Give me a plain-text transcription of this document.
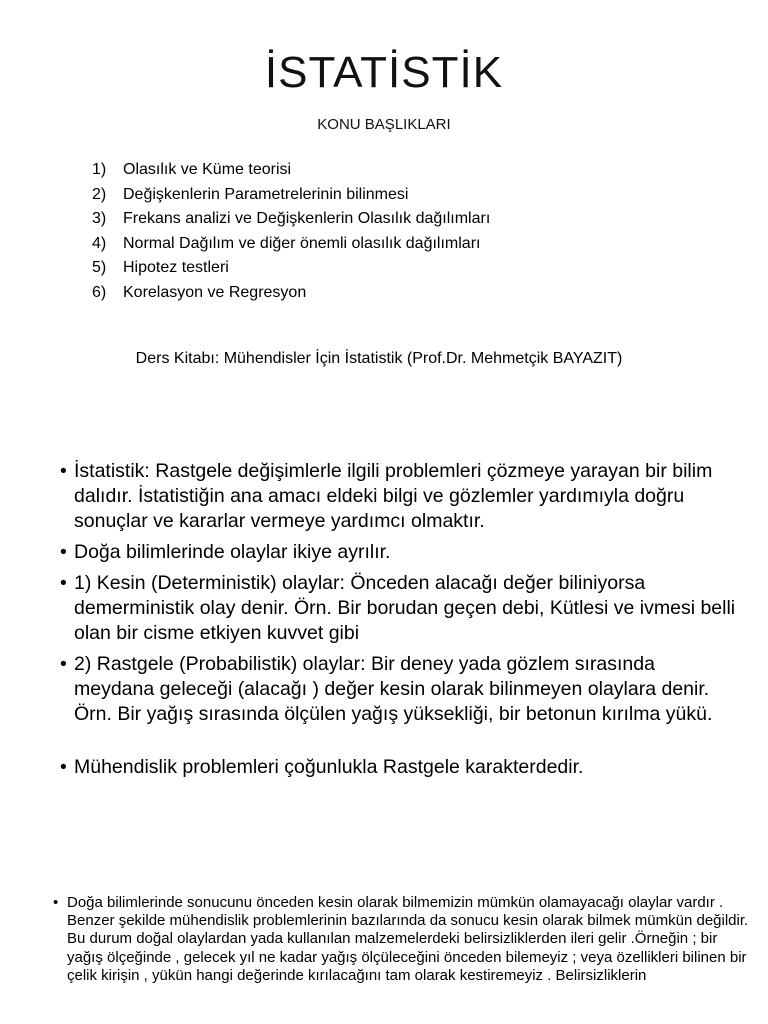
İSTATİSTİK
KONU BAŞLIKLARI
1)	Olasılık ve Küme teorisi
2)	Değişkenlerin Parametrelerinin bilinmesi
3)	Frekans analizi ve Değişkenlerin Olasılık dağılımları
4)	Normal Dağılım ve diğer önemli olasılık dağılımları
5)	Hipotez testleri
6)	Korelasyon ve Regresyon
Ders Kitabı: Mühendisler İçin İstatistik (Prof.Dr. Mehmetçik BAYAZIT)
• İstatistik: Rastgele değişimlerle ilgili problemleri çözmeye yarayan bir bilim dalıdır. İstatistiğin ana amacı eldeki bilgi ve gözlemler yardımıyla doğru sonuçlar ve kararlar vermeye yardımcı olmaktır.
• Doğa bilimlerinde olaylar ikiye ayrılır.
• 1) Kesin (Deterministik) olaylar: Önceden alacağı değer biliniyorsa demerministik olay denir. Örn. Bir borudan geçen debi, Kütlesi ve ivmesi belli olan bir cisme etkiyen kuvvet gibi
• 2) Rastgele (Probabilistik) olaylar: Bir deney yada gözlem sırasında meydana geleceği (alacağı ) değer kesin olarak bilinmeyen olaylara denir. Örn. Bir yağış sırasında ölçülen yağış yüksekliği, bir betonun kırılma yükü.
• Mühendislik problemleri çoğunlukla Rastgele karakterdedir.
• Doğa bilimlerinde sonucunu önceden kesin olarak bilmemizin mümkün olamayacağı olaylar vardır . Benzer şekilde mühendislik problemlerinin bazılarında da sonucu kesin olarak bilmek mümkün değildir. Bu durum doğal olaylardan yada kullanılan malzemelerdeki belirsizliklerden ileri gelir .Örneğin ; bir yağış ölçeğinde , gelecek yıl ne kadar yağış ölçüleceğini önceden bilemeyiz ; veya özellikleri bilinen bir çelik kirişin , yükün hangi değerinde kırılacağını tam olarak kestiremeyiz . Belirsizliklerin
